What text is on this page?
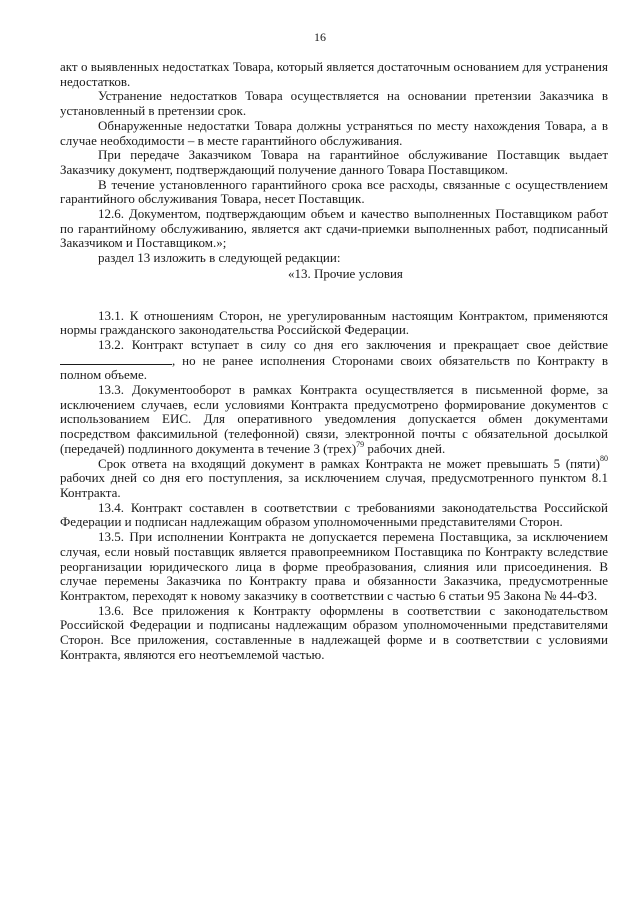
16

акт о выявленных недостатках Товара, который является достаточным основанием для устранения недостатков.

Устранение недостатков Товара осуществляется на основании претензии Заказчика в установленный в претензии срок.

Обнаруженные недостатки Товара должны устраняться по месту нахождения Товара, а в случае необходимости – в месте гарантийного обслуживания.

При передаче Заказчиком Товара на гарантийное обслуживание Поставщик выдает Заказчику документ, подтверждающий получение данного Товара Поставщиком.

В течение установленного гарантийного срока все расходы, связанные с осуществлением гарантийного обслуживания Товара, несет Поставщик.

12.6. Документом, подтверждающим объем и качество выполненных Поставщиком работ по гарантийному обслуживанию, является акт сдачи-приемки выполненных работ, подписанный Заказчиком и Поставщиком.»;

раздел 13 изложить в следующей редакции:

«13. Прочие условия

13.1. К отношениям Сторон, не урегулированным настоящим Контрактом, применяются нормы гражданского законодательства Российской Федерации.

13.2. Контракт вступает в силу со дня его заключения и прекращает свое действие , но не ранее исполнения Сторонами своих обязательств по Контракту в полном объеме.

13.3. Документооборот в рамках Контракта осуществляется в письменной форме, за исключением случаев, если условиями Контракта предусмотрено формирование документов с использованием ЕИС. Для оперативного уведомления допускается обмен документами посредством факсимильной (телефонной) связи, электронной почты с обязательной досылкой (передачей) подлинного документа в течение 3 (трех)$^{79}$ рабочих дней.

Срок ответа на входящий документ в рамках Контракта не может превышать 5 (пяти)$^{80}$ рабочих дней со дня его поступления, за исключением случая, предусмотренного пунктом 8.1 Контракта.

13.4. Контракт составлен в соответствии с требованиями законодательства Российской Федерации и подписан надлежащим образом уполномоченными представителями Сторон.

13.5. При исполнении Контракта не допускается перемена Поставщика, за исключением случая, если новый поставщик является правопреемником Поставщика по Контракту вследствие реорганизации юридического лица в форме преобразования, слияния или присоединения. В случае перемены Заказчика по Контракту права и обязанности Заказчика, предусмотренные Контрактом, переходят к новому заказчику в соответствии с частью 6 статьи 95 Закона № 44-ФЗ.

13.6. Все приложения к Контракту оформлены в соответствии с законодательством Российской Федерации и подписаны надлежащим образом уполномоченными представителями Сторон. Все приложения, составленные в надлежащей форме и в соответствии с условиями Контракта, являются его неотъемлемой частью.
